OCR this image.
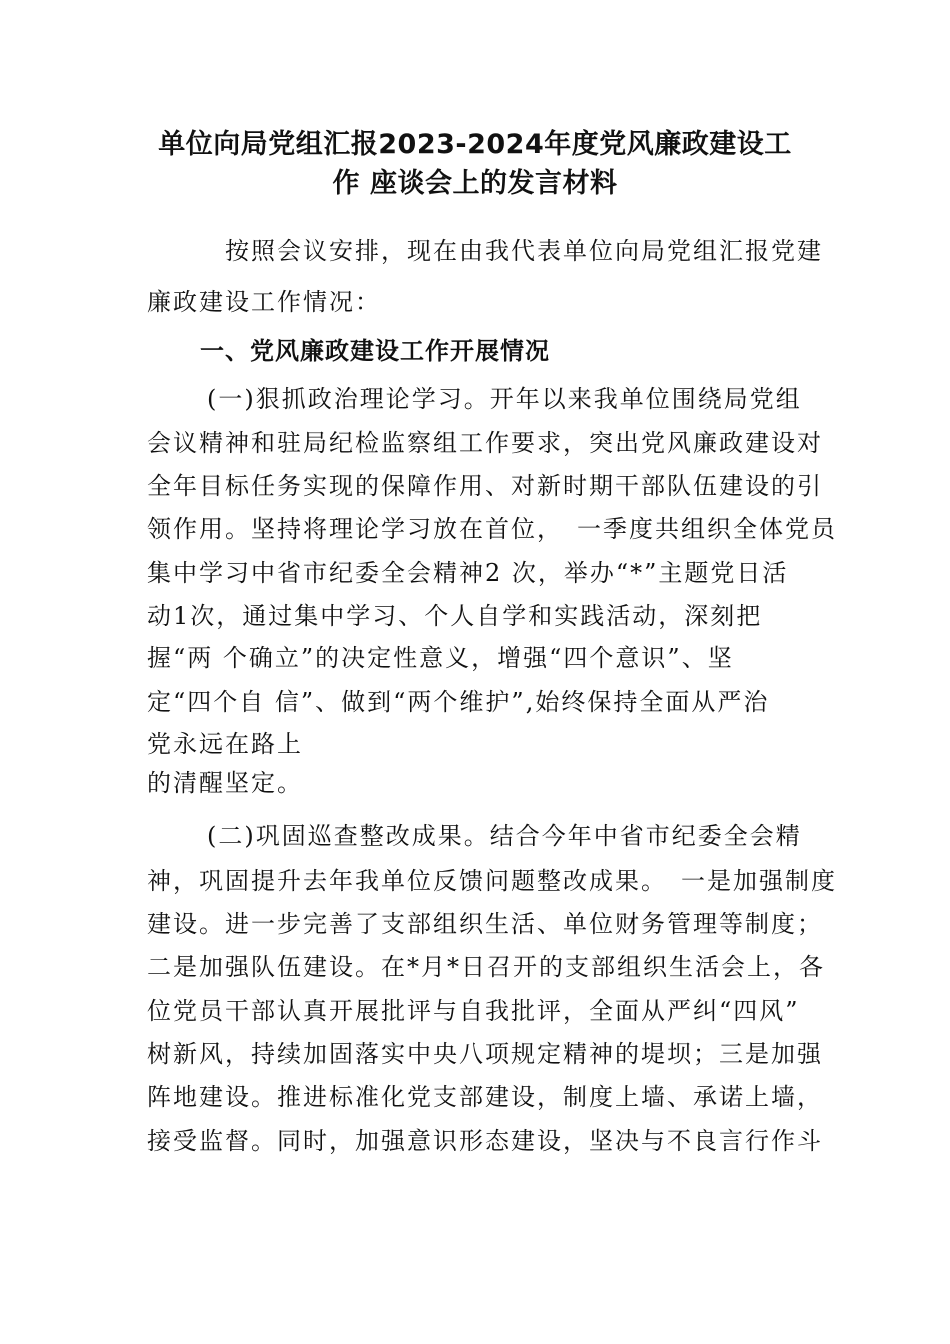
单位向局党组汇报2023-2024年度党风廉政建设工
作 座谈会上的发言材料
按照会议安排，现在由我代表单位向局党组汇报党建
廉政建设工作情况：
一、党风廉政建设工作开展情况
(一)狠抓政治理论学习。开年以来我单位围绕局党组
会议精神和驻局纪检监察组工作要求，突出党风廉政建设对
全年目标任务实现的保障作用、对新时期干部队伍建设的引
领作用。坚持将理论学习放在首位，　一季度共组织全体党员
集中学习中省市纪委全会精神2 次，举办“*”主题党日活
动1次，通过集中学习、个人自学和实践活动，深刻把
握“两 个确立”的决定性意义，增强“四个意识”、坚
定“四个自 信”、做到“两个维护”,始终保持全面从严治
党永远在路上
的清醒坚定。
(二)巩固巡查整改成果。结合今年中省市纪委全会精
神，巩固提升去年我单位反馈问题整改成果。　一是加强制度
建设。进一步完善了支部组织生活、单位财务管理等制度；
二是加强队伍建设。在*月*日召开的支部组织生活会上，各
位党员干部认真开展批评与自我批评，全面从严纠“四风”
树新风，持续加固落实中央八项规定精神的堤坝；三是加强
阵地建设。推进标准化党支部建设，制度上墙、承诺上墙，
接受监督。同时，加强意识形态建设，坚决与不良言行作斗
